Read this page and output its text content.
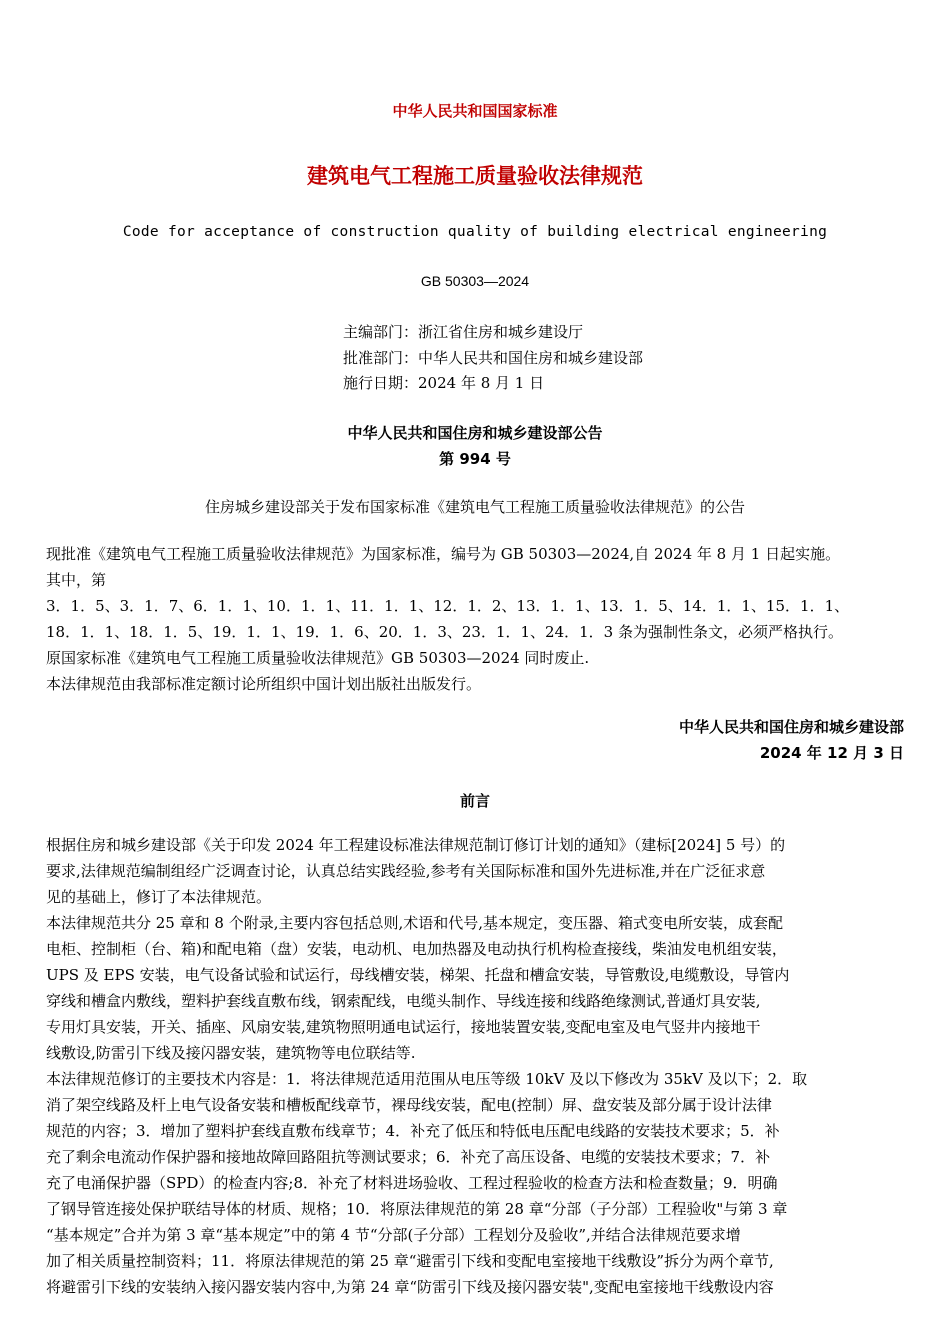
中华人民共和国国家标准

建筑电气工程施工质量验收法律规范

Code for acceptance of construction quality of building electrical engineering

GB 50303—2024

主编部门：浙江省住房和城乡建设厅

批准部门：中华人民共和国住房和城乡建设部

施行日期：2024 年 8 月 1 日

中华人民共和国住房和城乡建设部公告

第 994 号

住房城乡建设部关于发布国家标准《建筑电气工程施工质量验收法律规范》的公告

现批准《建筑电气工程施工质量验收法律规范》为国家标准，编号为 GB 50303—2024,自 2024 年 8 月 1 日起实施。
其中，第
3．1．5、3．1．7、6．1．1、10．1．1、11．1．1、12．1．2、13．1．1、13．1．5、14．1．1、15．1．1、
18．1．1、18．1．5、19．1．1、19．1．6、20．1．3、23．1．1、24．1．3 条为强制性条文，必须严格执行。
原国家标准《建筑电气工程施工质量验收法律规范》GB 50303—2024 同时废止.
本法律规范由我部标准定额讨论所组织中国计划出版社出版发行。

中华人民共和国住房和城乡建设部

2024 年 12 月 3 日

前言

根据住房和城乡建设部《关于印发 2024 年工程建设标准法律规范制订修订计划的通知》（建标[2024] 5 号）的
要求,法律规范编制组经广泛调查讨论，认真总结实践经验,参考有关国际标准和国外先进标准,并在广泛征求意
见的基础上，修订了本法律规范。
本法律规范共分 25 章和 8 个附录,主要内容包括总则,术语和代号,基本规定，变压器、箱式变电所安装，成套配
电柜、控制柜（台、箱)和配电箱（盘）安装，电动机、电加热器及电动执行机构检查接线，柴油发电机组安装，
UPS 及 EPS 安装，电气设备试验和试运行，母线槽安装，梯架、托盘和槽盒安装，导管敷设,电缆敷设，导管内
穿线和槽盒内敷线，塑料护套线直敷布线，钢索配线，电缆头制作、导线连接和线路绝缘测试,普通灯具安装,
专用灯具安装，开关、插座、风扇安装,建筑物照明通电试运行，接地装置安装,变配电室及电气竖井内接地干
线敷设,防雷引下线及接闪器安装，建筑物等电位联结等.
本法律规范修订的主要技术内容是：1．将法律规范适用范围从电压等级 10kV 及以下修改为 35kV 及以下；2．取
消了架空线路及杆上电气设备安装和槽板配线章节，裸母线安装，配电(控制）屏、盘安装及部分属于设计法律
规范的内容；3．增加了塑料护套线直敷布线章节；4．补充了低压和特低电压配电线路的安装技术要求；5．补
充了剩余电流动作保护器和接地故障回路阻抗等测试要求；6．补充了高压设备、电缆的安装技术要求；7．补
充了电涌保护器（SPD）的检查内容;8．补充了材料进场验收、工程过程验收的检查方法和检查数量；9．明确
了钢导管连接处保护联结导体的材质、规格；10．将原法律规范的第 28 章“分部（子分部）工程验收"与第 3 章
“基本规定”合并为第 3 章“基本规定”中的第 4 节“分部(子分部）工程划分及验收”,并结合法律规范要求增
加了相关质量控制资料；11．将原法律规范的第 25 章“避雷引下线和变配电室接地干线敷设”拆分为两个章节,
将避雷引下线的安装纳入接闪器安装内容中,为第 24 章“防雷引下线及接闪器安装",变配电室接地干线敷设内容
